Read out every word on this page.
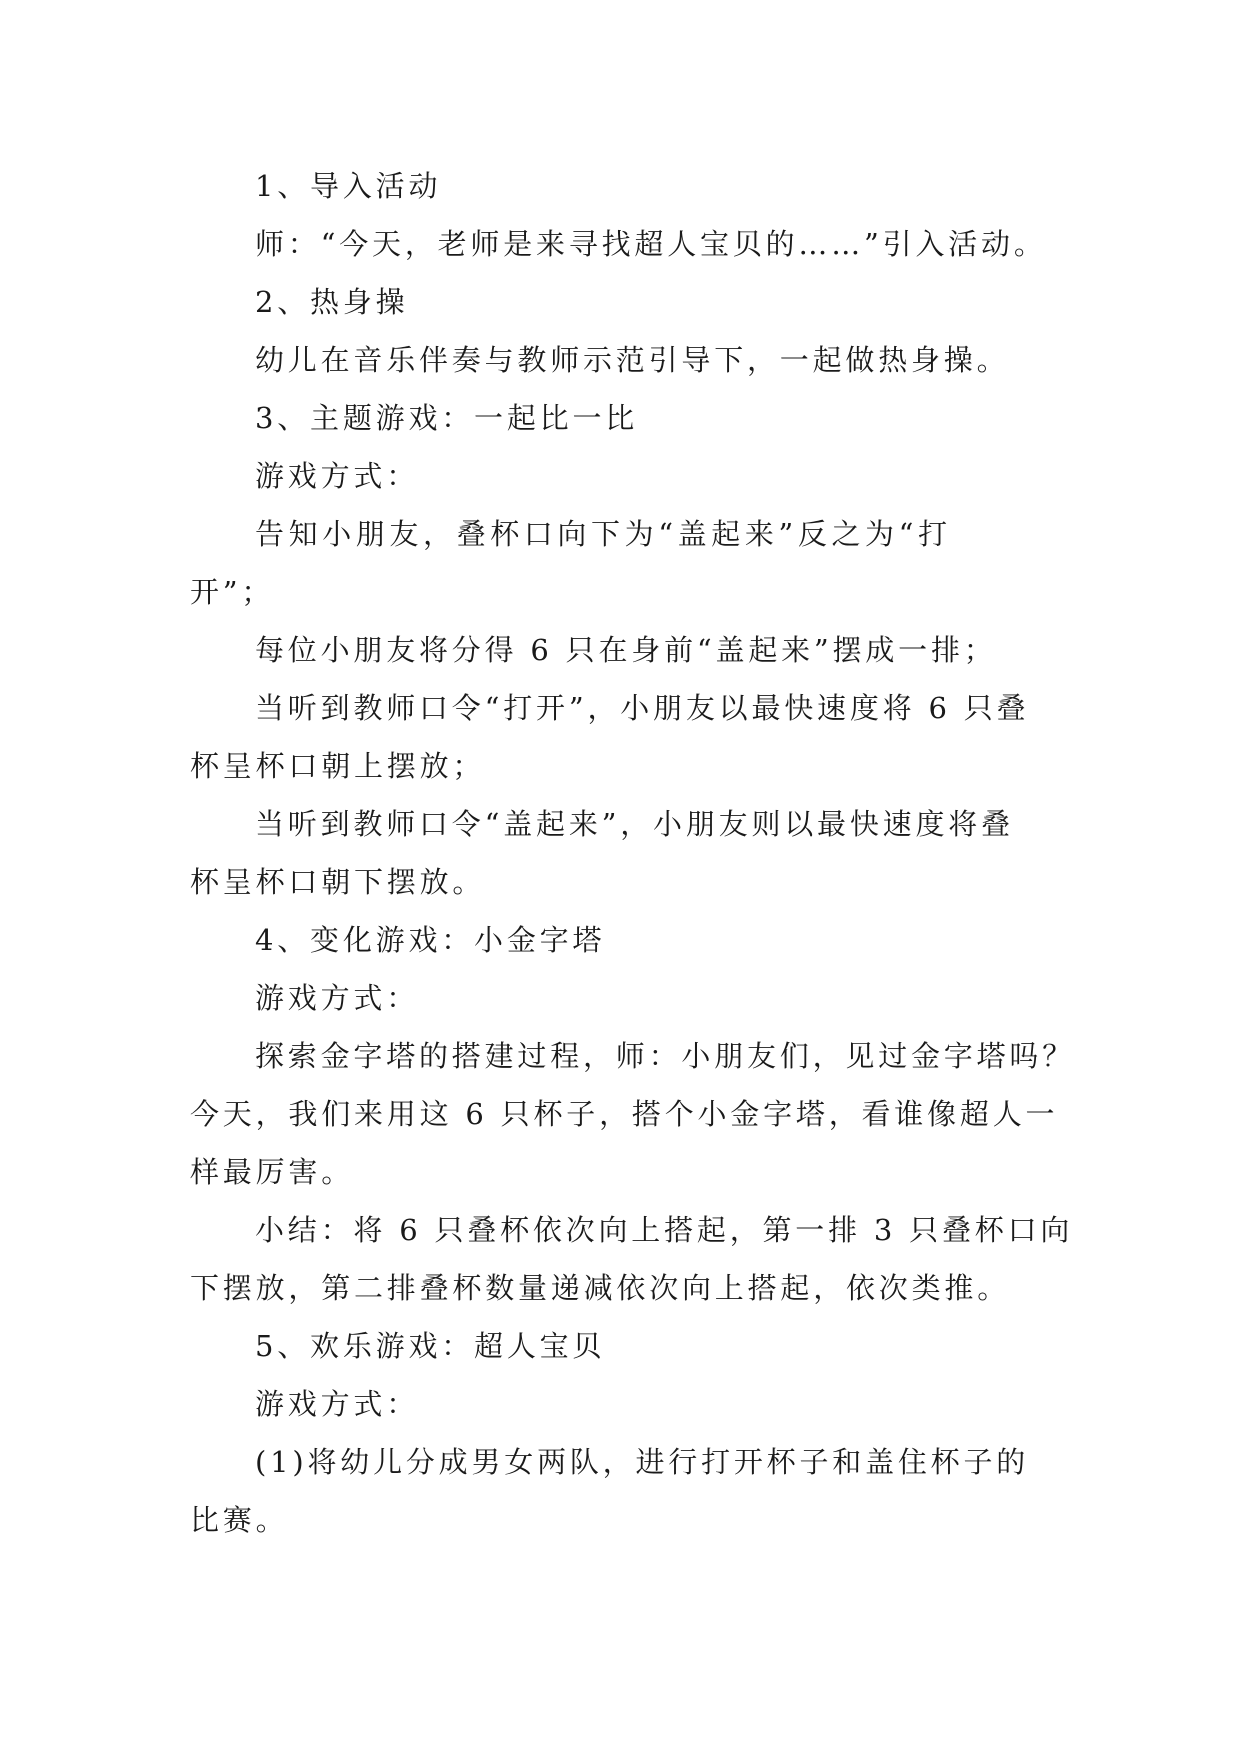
1、导入活动
师：“今天，老师是来寻找超人宝贝的……”引入活动。
2、热身操
幼儿在音乐伴奏与教师示范引导下，一起做热身操。
3、主题游戏：一起比一比
游戏方式：
告知小朋友，叠杯口向下为“盖起来”反之为“打
开”；
每位小朋友将分得 6 只在身前“盖起来”摆成一排；
当听到教师口令“打开”，小朋友以最快速度将 6 只叠
杯呈杯口朝上摆放；
当听到教师口令“盖起来”，小朋友则以最快速度将叠
杯呈杯口朝下摆放。
4、变化游戏：小金字塔
游戏方式：
探索金字塔的搭建过程，师：小朋友们，见过金字塔吗？
今天，我们来用这 6 只杯子，搭个小金字塔，看谁像超人一
样最厉害。
小结：将 6 只叠杯依次向上搭起，第一排 3 只叠杯口向
下摆放，第二排叠杯数量递减依次向上搭起，依次类推。
5、欢乐游戏：超人宝贝
游戏方式：
(1)将幼儿分成男女两队，进行打开杯子和盖住杯子的
比赛。
